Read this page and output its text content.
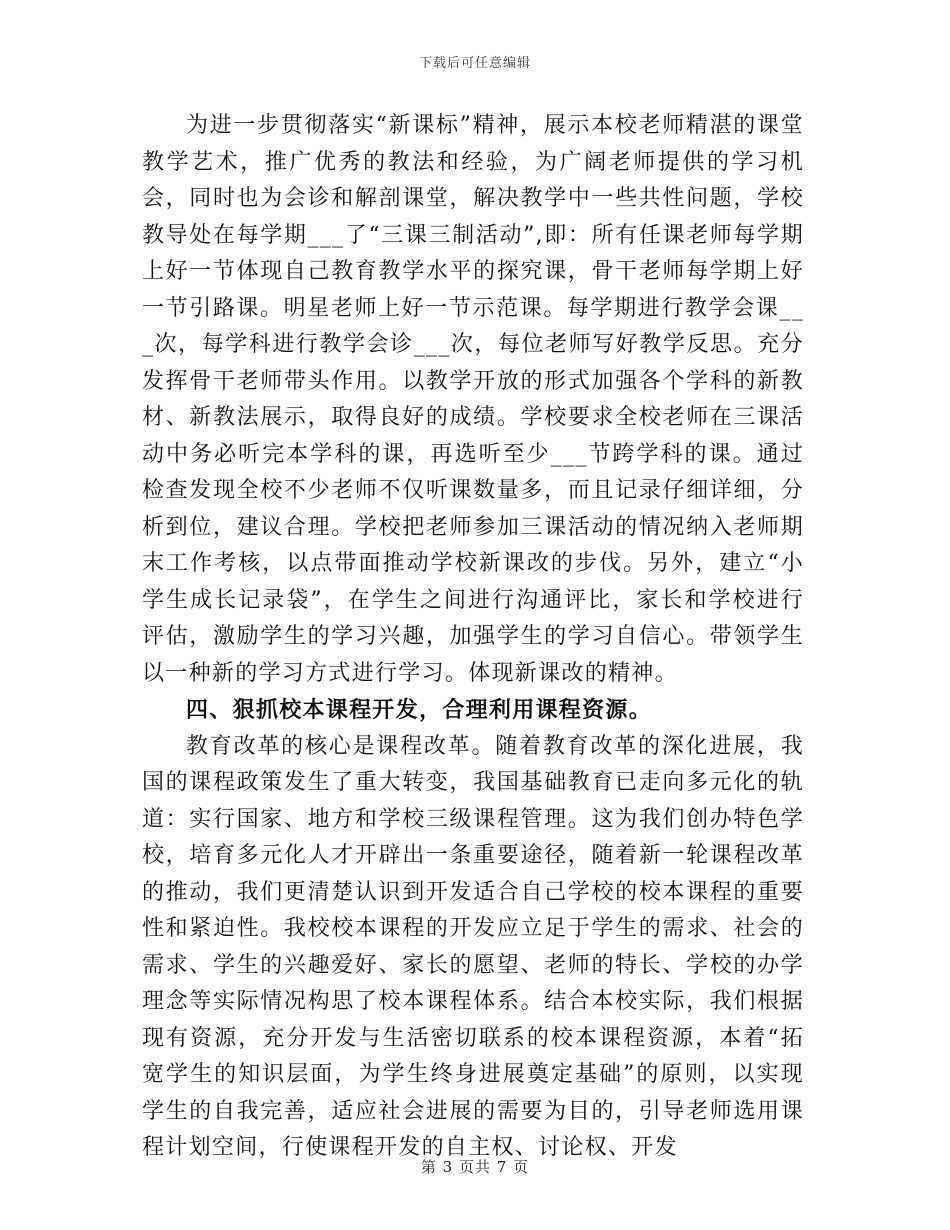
下载后可任意编辑

为进一步贯彻落实“新课标”精神，展示本校老师精湛的课堂教学艺术，推广优秀的教法和经验，为广阔老师提供的学习机会，同时也为会诊和解剖课堂，解决教学中一些共性问题，学校教导处在每学期___了“三课三制活动”,即：所有任课老师每学期上好一节体现自己教育教学水平的探究课，骨干老师每学期上好一节引路课。明星老师上好一节示范课。每学期进行教学会课___次，每学科进行教学会诊___次，每位老师写好教学反思。充分发挥骨干老师带头作用。以教学开放的形式加强各个学科的新教材、新教法展示，取得良好的成绩。学校要求全校老师在三课活动中务必听完本学科的课，再选听至少___节跨学科的课。通过检查发现全校不少老师不仅听课数量多，而且记录仔细详细，分析到位，建议合理。学校把老师参加三课活动的情况纳入老师期末工作考核，以点带面推动学校新课改的步伐。另外，建立“小学生成长记录袋”，在学生之间进行沟通评比，家长和学校进行评估，激励学生的学习兴趣，加强学生的学习自信心。带领学生以一种新的学习方式进行学习。体现新课改的精神。

四、狠抓校本课程开发，合理利用课程资源。

教育改革的核心是课程改革。随着教育改革的深化进展，我国的课程政策发生了重大转变，我国基础教育已走向多元化的轨道：实行国家、地方和学校三级课程管理。这为我们创办特色学校，培育多元化人才开辟出一条重要途径，随着新一轮课程改革的推动，我们更清楚认识到开发适合自己学校的校本课程的重要性和紧迫性。我校校本课程的开发应立足于学生的需求、社会的需求、学生的兴趣爱好、家长的愿望、老师的特长、学校的办学理念等实际情况构思了校本课程体系。结合本校实际，我们根据现有资源，充分开发与生活密切联系的校本课程资源，本着“拓宽学生的知识层面，为学生终身进展奠定基础”的原则，以实现学生的自我完善，适应社会进展的需要为目的，引导老师选用课程计划空间，行使课程开发的自主权、讨论权、开发

第 3 页共 7 页
